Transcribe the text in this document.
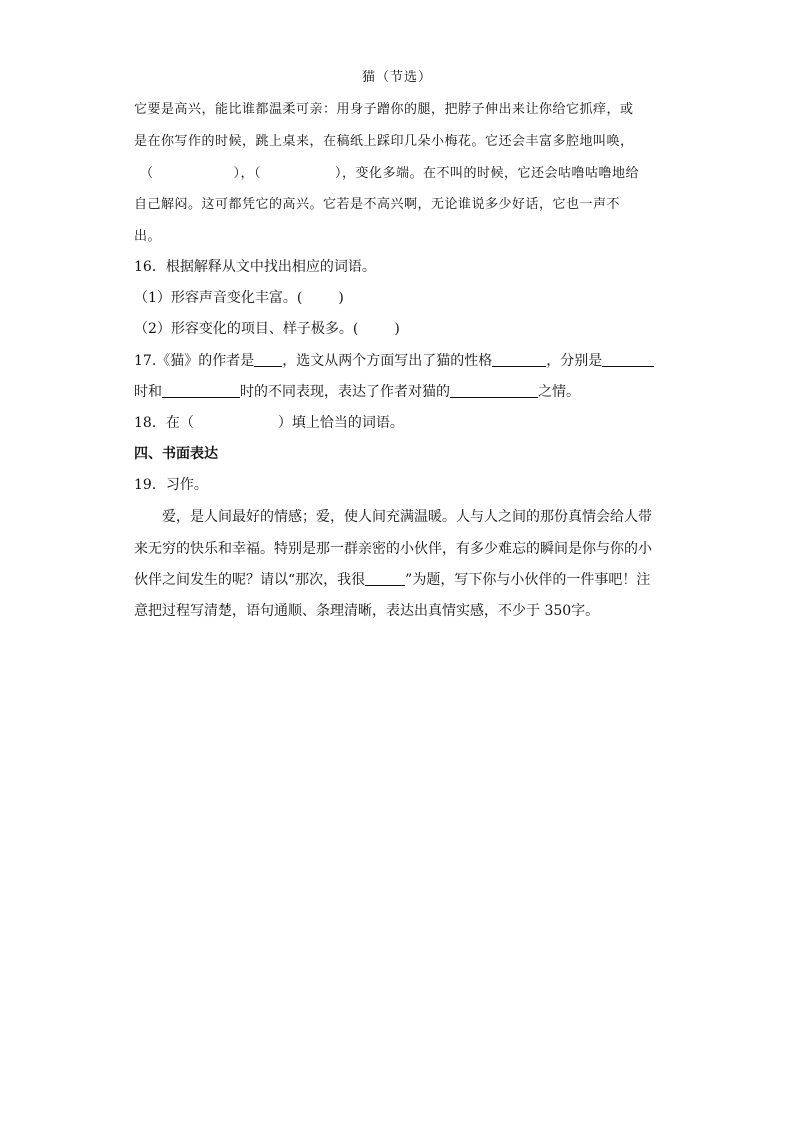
猫（节选）
它要是高兴，能比谁都温柔可亲：用身子蹭你的腿，把脖子伸出来让你给它抓痒，或
是在你写作的时候，跳上桌来，在稿纸上踩印几朵小梅花。它还会丰富多腔地叫唤，
（	），（	），变化多端。在不叫的时候，它还会咕噜咕噜地给
自己解闷。这可都凭它的高兴。它若是不高兴啊，无论谁说多少好话，它也一声不
出。
16．根据解释从文中找出相应的词语。
（1）形容声音变化丰富。(	)
（2）形容变化的项目、样子极多。(	)
17.《猫》的作者是 ，选文从两个方面写出了猫的性格	，分别是
时和	时的不同表现，表达了作者对猫的	之情。
18．在（	）填上恰当的词语。
四、书面表达
19．习作。
爱，是人间最好的情感；爱，使人间充满温暖。人与人之间的那份真情会给人带
来无穷的快乐和幸福。特别是那一群亲密的小伙伴，有多少难忘的瞬间是你与你的小
伙伴之间发生的呢？请以“那次，我很	”为题，写下你与小伙伴的一件事吧！注
意把过程写清楚，语句通顺、条理清晰，表达出真情实感，不少于 350字。
